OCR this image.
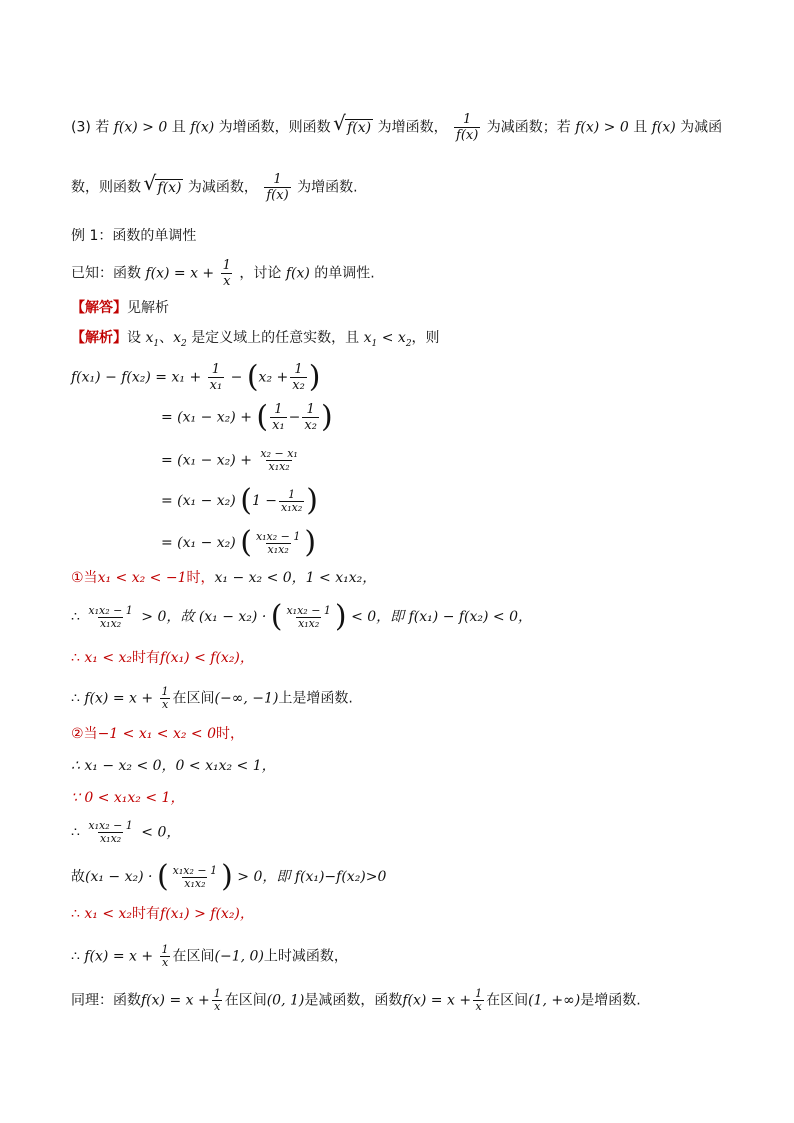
(3) 若 f(x) > 0 且 f(x) 为增函数，则函数 √ f(x) 为增函数， $\frac{1}{f(x)}$ 为减函数；若 f(x) > 0 且 f(x) 为减函
数，则函数 √ f(x) 为减函数， $\frac{1}{f(x)}$ 为增函数.
例 1：函数的单调性
已知：函数 $f(x) = x + \frac{1}{x}$ ，讨论 f(x) 的单调性.
【解答】见解析
【解析】设 $x_1$、$x_2$ 是定义域上的任意实数，且 $x_1 < x_2$，则
$f(x_1) - f(x_2) = x_1 + \frac{1}{\text{x₁}} - (x_2 + \frac{1}{\text{x₂}}$ )
= (x₁ − x₂) + ( $\frac{1}{\text{x₁}} - \frac{1}{\text{x₂}}$ )
= $(x_1 - x_2) + \frac{\text{x₂ − x₁}}{\text{x₁x₂}}$
= (x₁ − x₂) ($1 - \frac{1}{\text{x₁x₂}}$ )
= (x₁ − x₂) ( $\frac{\text{x₁x₂ − 1}}{\text{x₁x₂}}$ )
①当x₁ < x₂ < −1时，x₁ − x₂ < 0，1 < x₁x₂，
∴ $\frac{\text{x₁x₂ − 1}}{\text{x₁x₂}} > 0$，故 (x₁ − x₂) · ( $\frac{\text{x₁x₂ − 1}}{\text{x₁x₂}}$ ) < 0，即 f(x₁) − f(x₂) < 0，
∴ x₁ < x₂时有f(x₁) < f(x₂)，
∴ $f(x) = x + \frac{1}{x}$ 在区间(−∞, −1)上是增函数.
②当−1 < x₁ < x₂ < 0时，
∴ x₁ − x₂ < 0，0 < x₁x₂ < 1，
∵ 0 < x₁x₂ < 1，
∴ $\frac{\text{x₁x₂ − 1}}{\text{x₁x₂}} < 0$，
故(x₁ − x₂) · ( $\frac{\text{x₁x₂ − 1}}{\text{x₁x₂}}$ ) > 0，即 f(x₁)−f(x₂)>0
∴ x₁ < x₂时有f(x₁) > f(x₂)，
∴ $f(x) = x + \frac{1}{x}$ 在区间(−1, 0)上时减函数，
同理：函数$f(x) = x + \frac{1}{x}$ 在区间(0, 1)是减函数，函数$f(x) = x + \frac{1}{x}$ 在区间(1, +∞)是增函数.
